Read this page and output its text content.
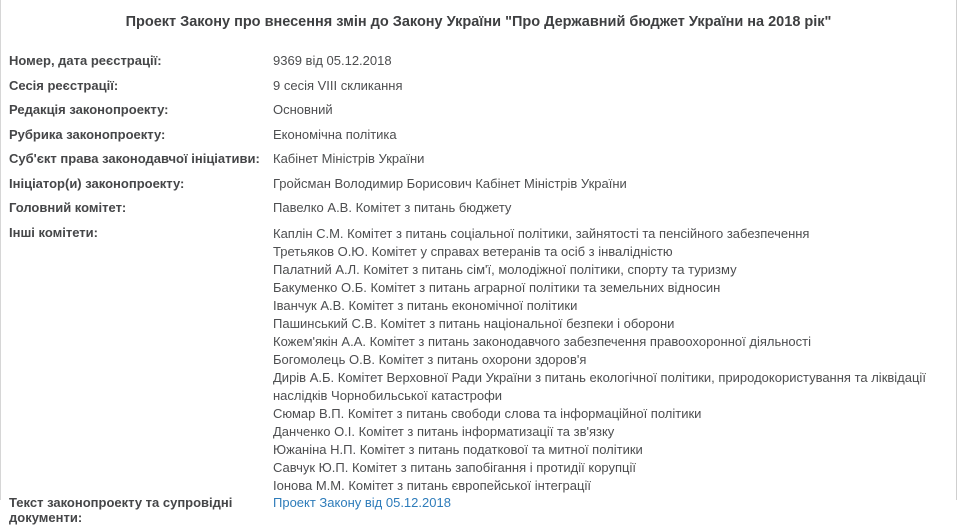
Проект Закону про внесення змін до Закону України "Про Державний бюджет України на 2018 рік"
Номер, дата реєстрації:	9369 від 05.12.2018
Сесія реєстрації:	9 сесія VIII скликання
Редакція законопроекту:	Основний
Рубрика законопроекту:	Економічна політика
Суб'єкт права законодавчої ініціативи:	Кабінет Міністрів України
Ініціатор(и) законопроекту:	Гройсман Володимир Борисович Кабінет Міністрів України
Головний комітет:	Павелко А.В. Комітет з питань бюджету
Інші комітети:	Каплін С.М. Комітет з питань соціальної політики, зайнятості та пенсійного забезпечення
Третьяков О.Ю. Комітет у справах ветеранів та осіб з інвалідністю
Палатний А.Л. Комітет з питань сім'ї, молодіжної політики, спорту та туризму
Бакуменко О.Б. Комітет з питань аграрної політики та земельних відносин
Іванчук А.В. Комітет з питань економічної політики
Пашинський С.В. Комітет з питань національної безпеки і оборони
Кожем'якін А.А. Комітет з питань законодавчого забезпечення правоохоронної діяльності
Богомолець О.В. Комітет з питань охорони здоров'я
Дирів А.Б. Комітет Верховної Ради України з питань екологічної політики, природокористування та ліквідації наслідків Чорнобильської катастрофи
Сюмар В.П. Комітет з питань свободи слова та інформаційної політики
Данченко О.І. Комітет з питань інформатизації та зв'язку
Южаніна Н.П. Комітет з питань податкової та митної політики
Савчук Ю.П. Комітет з питань запобігання і протидії корупції
Іонова М.М. Комітет з питань європейської інтеграції
Текст законопроекту та супровідні документи:
Проект Закону від 05.12.2018
